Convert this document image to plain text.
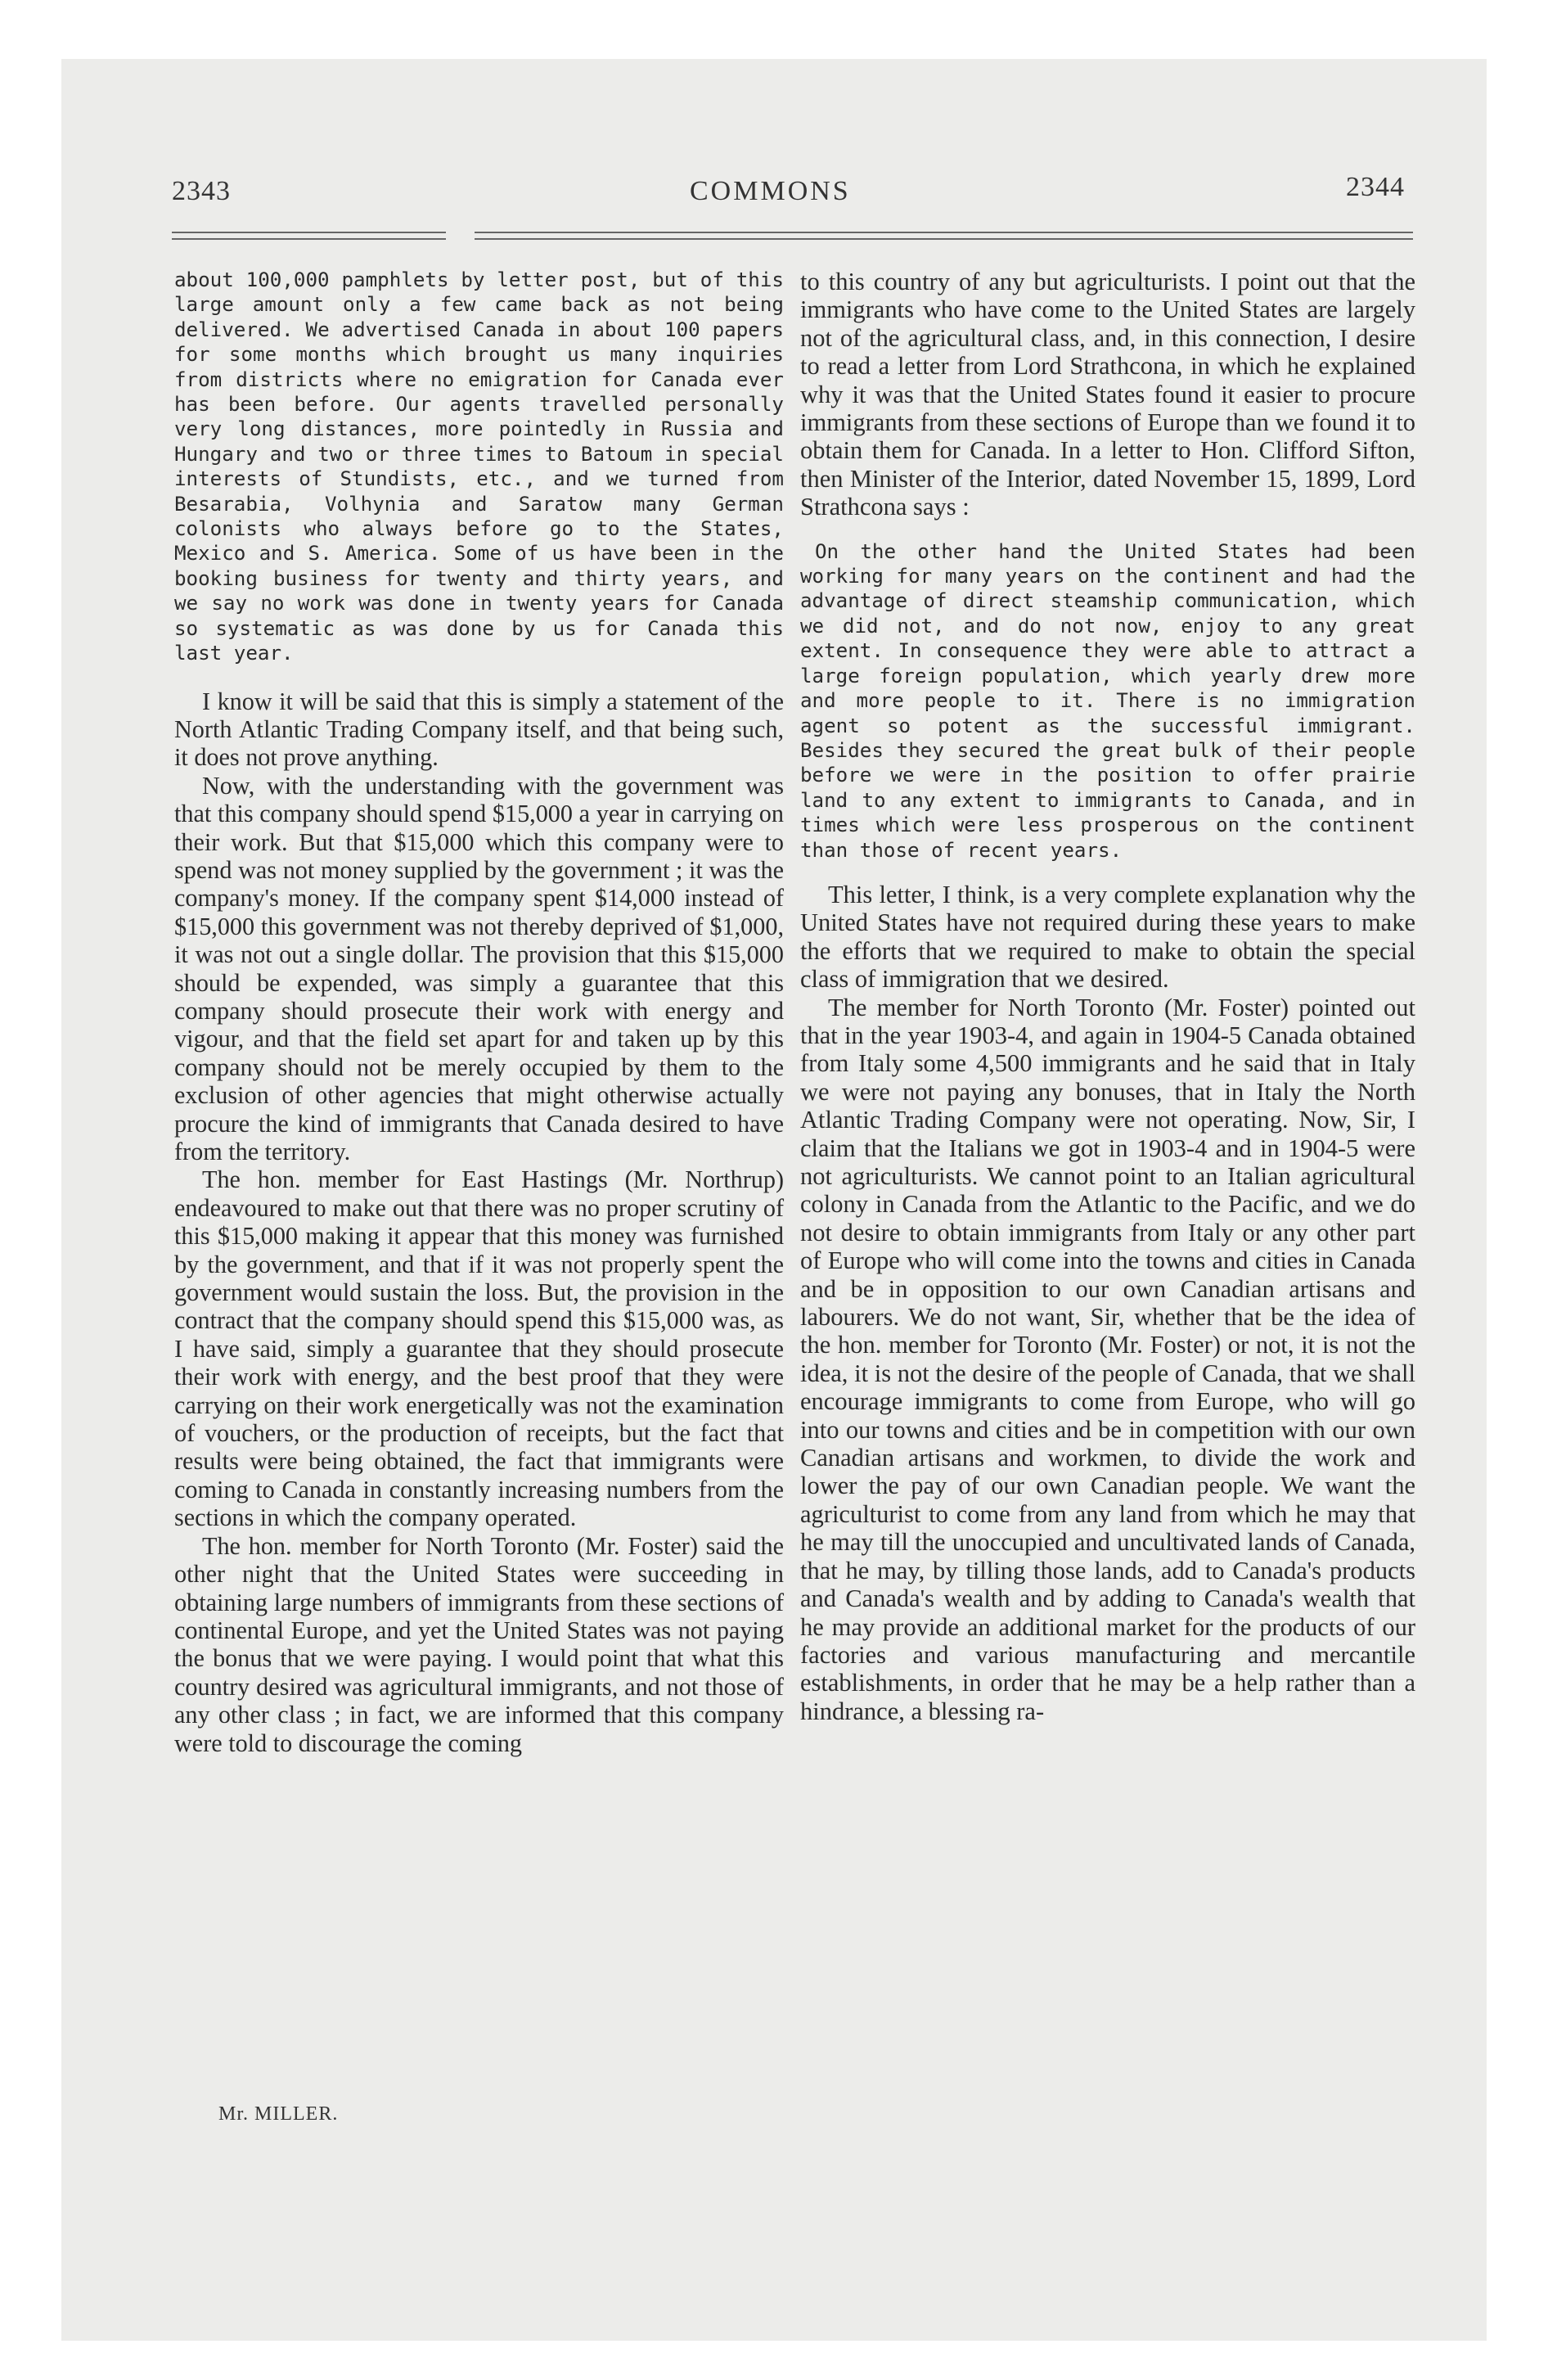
2343	COMMONS	2344

about 100,000 pamphlets by letter post, but of this large amount only a few came back as not being delivered. We advertised Canada in about 100 papers for some months which brought us many inquiries from districts where no emigration for Canada ever has been before. Our agents travelled personally very long distances, more pointedly in Russia and Hungary and two or three times to Batoum in special interests of Stundists, etc., and we turned from Besarabia, Volhynia and Saratow many German colonists who always before go to the States, Mexico and S. America. Some of us have been in the booking business for twenty and thirty years, and we say no work was done in twenty years for Canada so systematic as was done by us for Canada this last year.

I know it will be said that this is simply a statement of the North Atlantic Trading Company itself, and that being such, it does not prove anything.

Now, with the understanding with the government was that this company should spend $15,000 a year in carrying on their work. But that $15,000 which this company were to spend was not money supplied by the government ; it was the company's money. If the company spent $14,000 instead of $15,000 this government was not thereby deprived of $1,000, it was not out a single dollar. The provision that this $15,000 should be expended, was simply a guarantee that this company should prosecute their work with energy and vigour, and that the field set apart for and taken up by this company should not be merely occupied by them to the exclusion of other agencies that might otherwise actually procure the kind of immigrants that Canada desired to have from the territory.

The hon. member for East Hastings (Mr. Northrup) endeavoured to make out that there was no proper scrutiny of this $15,000 making it appear that this money was furnished by the government, and that if it was not properly spent the government would sustain the loss. But, the provision in the contract that the company should spend this $15,000 was, as I have said, simply a guarantee that they should prosecute their work with energy, and the best proof that they were carrying on their work energetically was not the examination of vouchers, or the production of receipts, but the fact that results were being obtained, the fact that immigrants were coming to Canada in constantly increasing numbers from the sections in which the company operated.

The hon. member for North Toronto (Mr. Foster) said the other night that the United States were succeeding in obtaining large numbers of immigrants from these sections of continental Europe, and yet the United States was not paying the bonus that we were paying. I would point that what this country desired was agricultural immigrants, and not those of any other class ; in fact, we are informed that this company were told to discourage the coming

to this country of any but agriculturists. I point out that the immigrants who have come to the United States are largely not of the agricultural class, and, in this connection, I desire to read a letter from Lord Strathcona, in which he explained why it was that the United States found it easier to procure immigrants from these sections of Europe than we found it to obtain them for Canada. In a letter to Hon. Clifford Sifton, then Minister of the Interior, dated November 15, 1899, Lord Strathcona says :

On the other hand the United States had been working for many years on the continent and had the advantage of direct steamship communication, which we did not, and do not now, enjoy to any great extent. In consequence they were able to attract a large foreign population, which yearly drew more and more people to it. There is no immigration agent so potent as the successful immigrant. Besides they secured the great bulk of their people before we were in the position to offer prairie land to any extent to immigrants to Canada, and in times which were less prosperous on the continent than those of recent years.

This letter, I think, is a very complete explanation why the United States have not required during these years to make the efforts that we required to make to obtain the special class of immigration that we desired.

The member for North Toronto (Mr. Foster) pointed out that in the year 1903-4, and again in 1904-5 Canada obtained from Italy some 4,500 immigrants and he said that in Italy we were not paying any bonuses, that in Italy the North Atlantic Trading Company were not operating. Now, Sir, I claim that the Italians we got in 1903-4 and in 1904-5 were not agriculturists. We cannot point to an Italian agricultural colony in Canada from the Atlantic to the Pacific, and we do not desire to obtain immigrants from Italy or any other part of Europe who will come into the towns and cities in Canada and be in opposition to our own Canadian artisans and labourers. We do not want, Sir, whether that be the idea of the hon. member for Toronto (Mr. Foster) or not, it is not the idea, it is not the desire of the people of Canada, that we shall encourage immigrants to come from Europe, who will go into our towns and cities and be in competition with our own Canadian artisans and workmen, to divide the work and lower the pay of our own Canadian people. We want the agriculturist to come from any land from which he may that he may till the unoccupied and uncultivated lands of Canada, that he may, by tilling those lands, add to Canada's products and Canada's wealth and by adding to Canada's wealth that he may provide an additional market for the products of our factories and various manufacturing and mercantile establishments, in order that he may be a help rather than a hindrance, a blessing ra-

Mr. MILLER.
